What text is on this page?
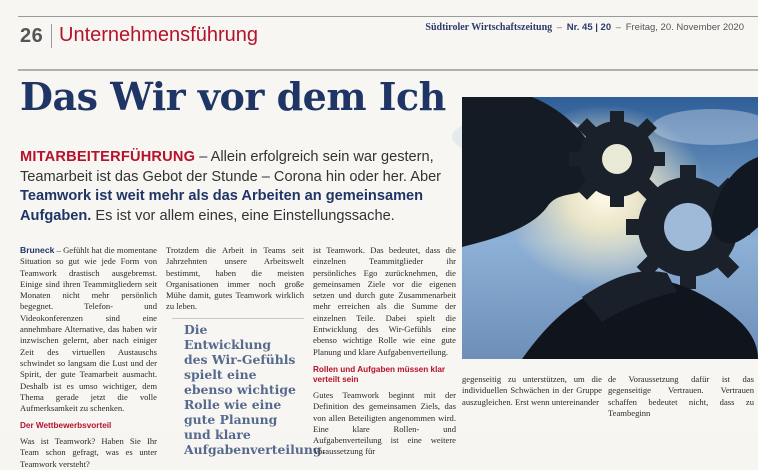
26 Unternehmensführung	Südtiroler Wirtschaftszeitung – Nr. 45 | 20 – Freitag, 20. November 2020
Das Wir vor dem Ich

MITARBEITERFÜHRUNG – Allein erfolgreich sein war gestern, Teamarbeit ist das Gebot der Stunde – Corona hin oder her. Aber Teamwork ist weit mehr als das Arbeiten an gemeinsamen Aufgaben. Es ist vor allem eines, eine Einstellungssache.

Bruneck – Gefühlt hat die momentane Situation so gut wie jede Form von Teamwork drastisch ausgebremst. Einige sind ihren Teammitgliedern seit Monaten nicht mehr persönlich begegnet. Telefon- und Videokonferenzen sind eine annehmbare Alternative, das haben wir inzwischen gelernt, aber nach einiger Zeit des virtuellen Austauschs schwindet so langsam die Lust und der Spirit, der gute Teamarbeit ausmacht. Deshalb ist es umso wichtiger, dem Thema gerade jetzt die volle Aufmerksamkeit zu schenken.

Der Wettbewerbsvorteil

Was ist Teamwork? Haben Sie Ihr Team schon gefragt, was es unter Teamwork versteht?

Trotzdem die Arbeit in Teams seit Jahrzehnten unsere Arbeitswelt bestimmt, haben die meisten Organisationen immer noch große Mühe damit, gutes Teamwork wirklich zu leben.

Die Entwicklung des Wir-Gefühls spielt eine ebenso wichtige Rolle wie eine gute Planung und klare Aufgabenverteilung.

ist Teamwork. Das bedeutet, dass die einzelnen Teammitglieder ihr persönliches Ego zurücknehmen, die gemeinsamen Ziele vor die eigenen setzen und durch gute Zusammenarbeit mehr erreichen als die Summe der einzelnen Teile. Dabei spielt die Entwicklung des Wir-Gefühls eine ebenso wichtige Rolle wie eine gute Planung und klare Aufgabenverteilung.

Rollen und Aufgaben müssen klar verteilt sein

Gutes Teamwork beginnt mit der Definition des gemeinsamen Ziels, das von allen Beteiligten angenommen wird. Eine klare Rollen- und Aufgabenverteilung ist eine weitere Voraussetzung für

gegenseitig zu unterstützen, um die individuellen Schwächen in der Gruppe auszugleichen. Erst wenn untereinander

de Voraussetzung dafür ist das gegenseitige Vertrauen. Vertrauen schaffen bedeutet nicht, dass zu Teambeginn
